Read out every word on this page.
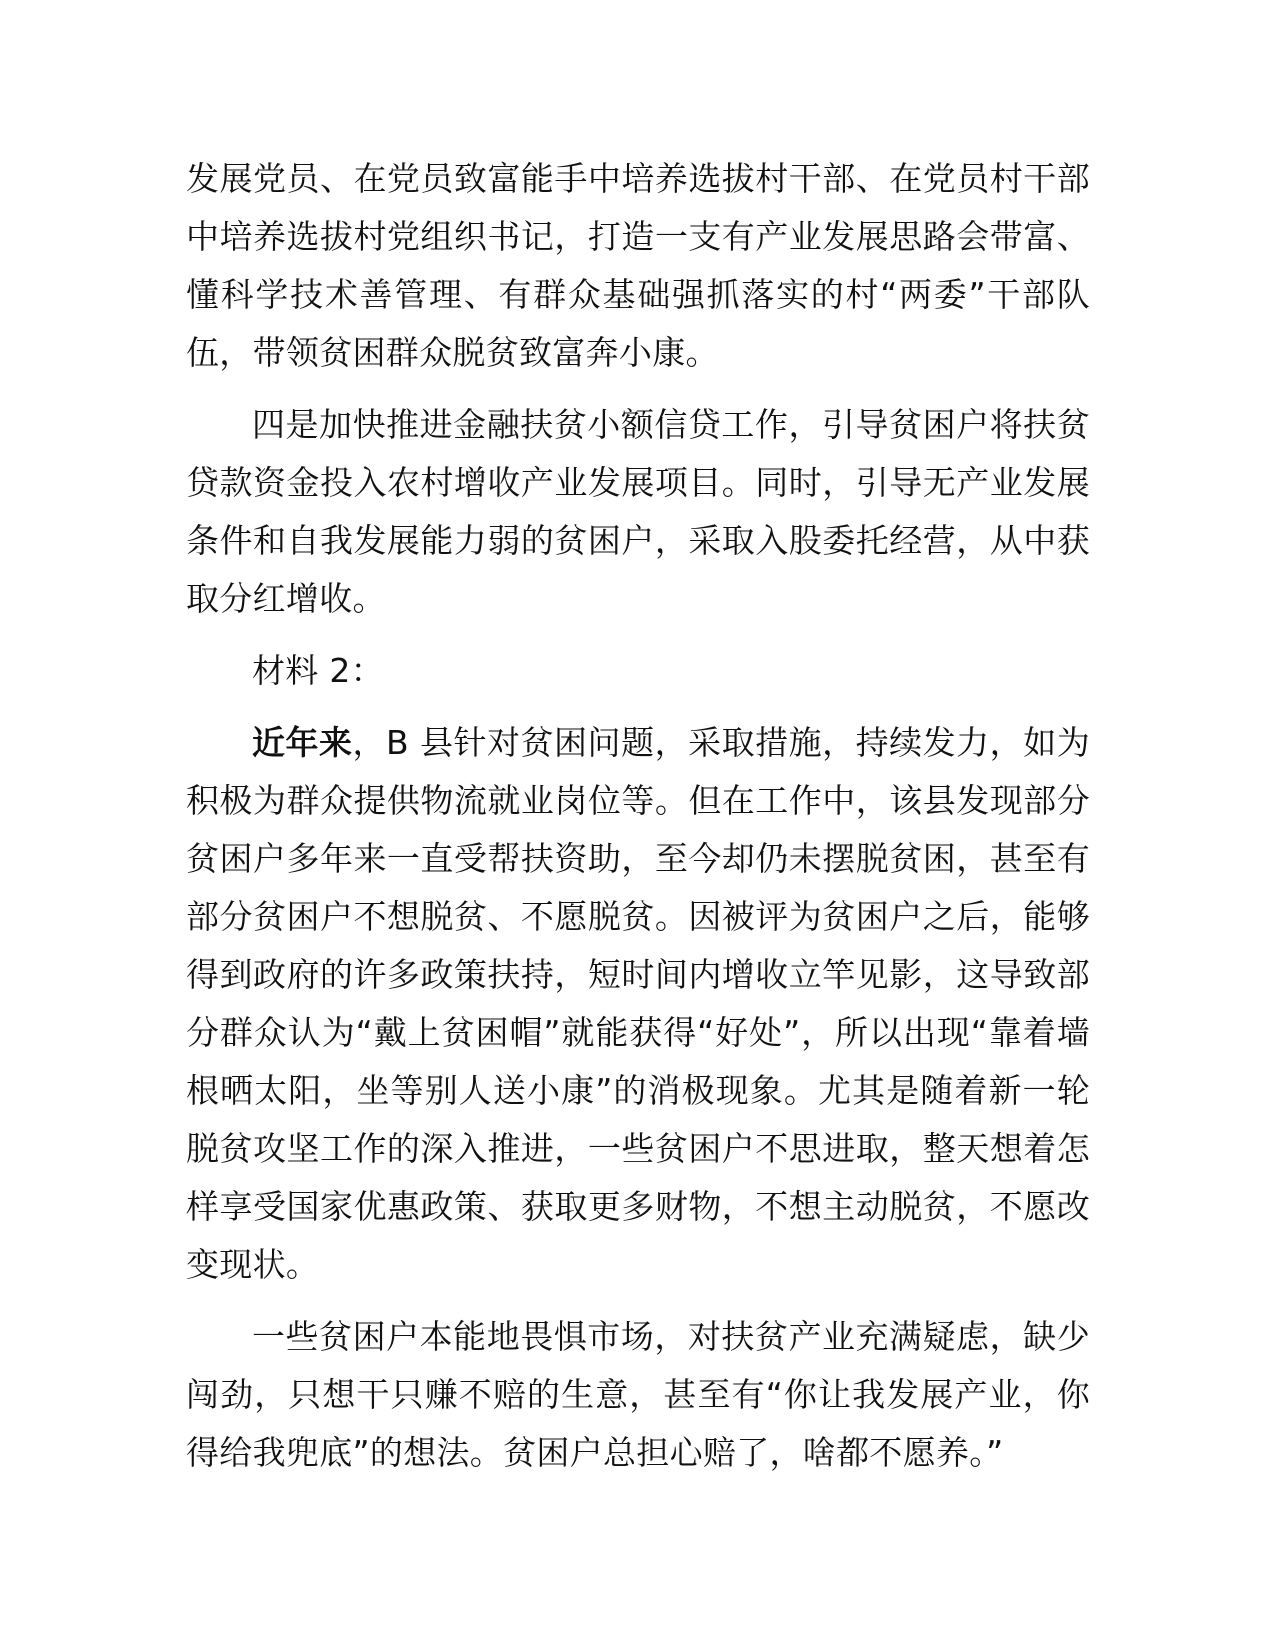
发展党员、在党员致富能手中培养选拔村干部、在党员村干部中培养选拔村党组织书记，打造一支有产业发展思路会带富、懂科学技术善管理、有群众基础强抓落实的村“两委”干部队伍，带领贫困群众脱贫致富奔小康。

四是加快推进金融扶贫小额信贷工作，引导贫困户将扶贫贷款资金投入农村增收产业发展项目。同时，引导无产业发展条件和自我发展能力弱的贫困户，采取入股委托经营，从中获取分红增收。

材料 2：

近年来，B 县针对贫困问题，采取措施，持续发力，如为积极为群众提供物流就业岗位等。但在工作中，该县发现部分贫困户多年来一直受帮扶资助，至今却仍未摆脱贫困，甚至有部分贫困户不想脱贫、不愿脱贫。因被评为贫困户之后，能够得到政府的许多政策扶持，短时间内增收立竿见影，这导致部分群众认为“戴上贫困帽”就能获得“好处”，所以出现“靠着墙根晒太阳，坐等别人送小康”的消极现象。尤其是随着新一轮脱贫攻坚工作的深入推进，一些贫困户不思进取，整天想着怎样享受国家优惠政策、获取更多财物，不想主动脱贫，不愿改变现状。

一些贫困户本能地畏惧市场，对扶贫产业充满疑虑，缺少闯劲，只想干只赚不赔的生意，甚至有“你让我发展产业，你得给我兜底”的想法。贫困户总担心赔了，啥都不愿养。”
